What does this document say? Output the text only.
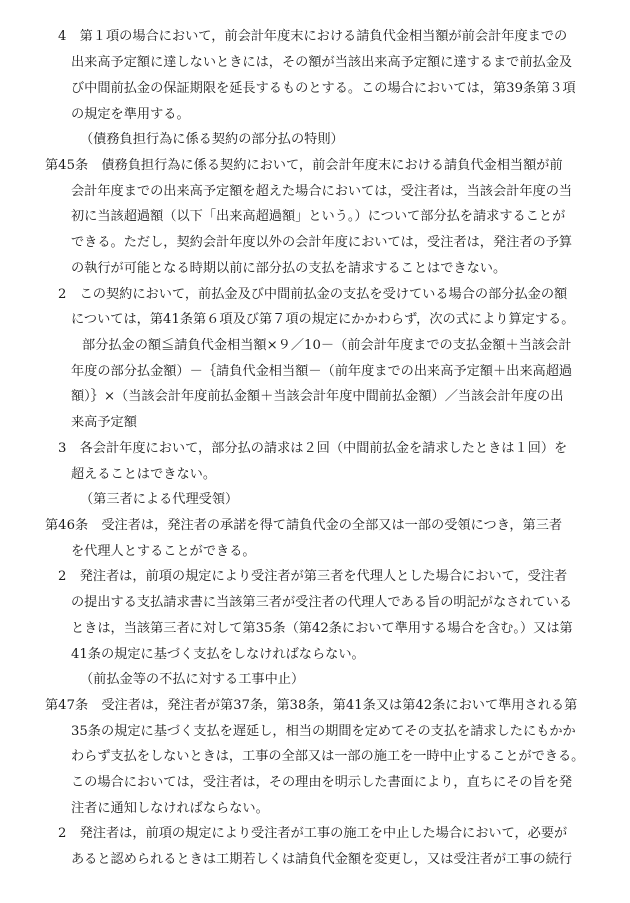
4　第１項の場合において，前会計年度末における請負代金相当額が前会計年度までの
出来高予定額に達しないときには，その額が当該出来高予定額に達するまで前払金及
び中間前払金の保証期限を延長するものとする。この場合においては，第39条第３項
の規定を準用する。
（債務負担行為に係る契約の部分払の特則）
第45条　債務負担行為に係る契約において，前会計年度末における請負代金相当額が前
会計年度までの出来高予定額を超えた場合においては，受注者は，当該会計年度の当
初に当該超過額（以下「出来高超過額」という。）について部分払を請求することが
できる。ただし，契約会計年度以外の会計年度においては，受注者は，発注者の予算
の執行が可能となる時期以前に部分払の支払を請求することはできない。
2　この契約において，前払金及び中間前払金の支払を受けている場合の部分払金の額
については，第41条第６項及び第７項の規定にかかわらず，次の式により算定する。
部分払金の額≦請負代金相当額×９／10－（前会計年度までの支払金額＋当該会計
年度の部分払金額）－｛請負代金相当額－（前年度までの出来高予定額＋出来高超過
額）｝×（当該会計年度前払金額＋当該会計年度中間前払金額）／当該会計年度の出
来高予定額
3　各会計年度において，部分払の請求は２回（中間前払金を請求したときは１回）を
超えることはできない。
（第三者による代理受領）
第46条　受注者は，発注者の承諾を得て請負代金の全部又は一部の受領につき，第三者
を代理人とすることができる。
2　発注者は，前項の規定により受注者が第三者を代理人とした場合において，受注者
の提出する支払請求書に当該第三者が受注者の代理人である旨の明記がなされている
ときは，当該第三者に対して第35条（第42条において準用する場合を含む。）又は第
41条の規定に基づく支払をしなければならない。
（前払金等の不払に対する工事中止）
第47条　受注者は，発注者が第37条，第38条，第41条又は第42条において準用される第
35条の規定に基づく支払を遅延し，相当の期間を定めてその支払を請求したにもかか
わらず支払をしないときは，工事の全部又は一部の施工を一時中止することができる。
この場合においては，受注者は，その理由を明示した書面により，直ちにその旨を発
注者に通知しなければならない。
2　発注者は，前項の規定により受注者が工事の施工を中止した場合において，必要が
あると認められるときは工期若しくは請負代金額を変更し，又は受注者が工事の続行
